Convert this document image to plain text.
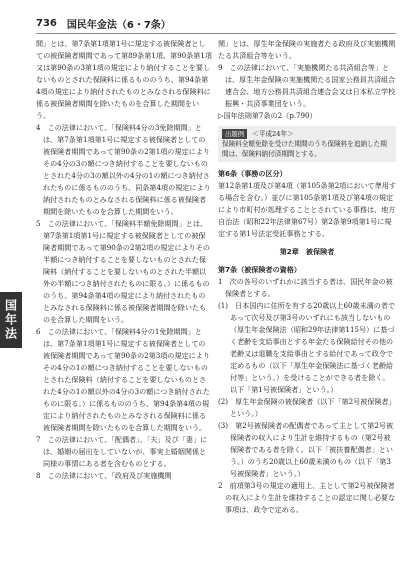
736 国民年金法（6・7条）
国年法

間」とは、第7条第1項第1号に規定する被保険者としての被保険者期間であって第89条第1項、第90条第1項又は第90条の3第1項の規定により納付することを要しないものとされた保険料に係るもののうち、第94条第4項の規定により納付されたものとみなされる保険料に係る被保険者期間を除いたものを合算した期間をいう。

4　この法律において、「保険料4分の3免除期間」とは、第7条第1項第1号に規定する被保険者としての被保険者期間であって第90条の2第1項の規定によりその4分の3の額につき納付することを要しないものとされた4分の3の額以外の4分の1の額につき納付されたものに係るもののうち、同条第4項の規定により納付されたものとみなされる保険料に係る被保険者期間を除いたものを合算した期間をいう。

5　この法律において、「保険料半額免除期間」とは、第7条第1項第1号に規定する被保険者としての被保険者期間であって第90条の2第2項の規定によりその半額につき納付することを要しないものとされた保険料（納付することを要しないものとされた半額以外の半額につき納付されたものに限る。）に係るもののうち、第94条第4項の規定により納付されたものとみなされる保険料に係る被保険者期間を除いたものを合算した期間をいう。

6　この法律において、「保険料4分の1免除期間」とは、第7条第1項第1号に規定する被保険者としての被保険者期間であって第90条の2第3項の規定によりその4分の1の額につき納付することを要しないものとされた保険料（納付することを要しないものとされた4分の1の額以外の4分の3の額につき納付されたものに限る。）に係るもののうち、第94条第4項の規定により納付されたものとみなされる保険料に係る被保険者期間を除いたものを合算した期間をいう。

7　この法律において、「配偶者」、「夫」及び「妻」には、婚姻の届出をしていないが、事実上婚姻関係と同様の事情にある者を含むものとする。

8　この法律において、「政府及び実施機関

関」とは、厚生年金保険の実施者たる政府及び実施機関たる共済組合等をいう。

9　この法律において、「実施機関たる共済組合等」とは、厚生年金保険の実施機関たる国家公務員共済組合連合会、地方公務員共済組合連合会又は日本私立学校振興・共済事業団をいう。

▷国年法則第7条の2（p.790）

出題例 ＜平成24年＞
保険料全額免除を受けた期間のうち保険料を追納した期間は、保険料納付済期間とする。

第6条（事務の区分）

第12条第1項及び第4項（第105条第2項において準用する場合を含む。）並びに第105条第1項及び第4項の規定により市町村が処理することとされている事務は、地方自治法（昭和22年法律第67号）第2条第9項第1号に規定する第1号法定受託事務とする。

第2章　被保険者

第7条（被保険者の資格）

1　次の各号のいずれかに該当する者は、国民年金の被保険者とする。

(1)　日本国内に住所を有する20歳以上60歳未満の者であって次号及び第3号のいずれにも該当しないもの（厚生年金保険法（昭和29年法律第115号）に基づく老齢を支給事由とする年金たる保険給付その他の老齢又は退職を支給事由とする給付であって政令で定めるもの（以下「厚生年金保険法に基づく老齢給付等」という。）を受けることができる者を除く。以下「第1号被保険者」という。）

(2)　厚生年金保険の被保険者（以下「第2号被保険者」という。）

(3)　第2号被保険者の配偶者であって主として第2号被保険者の収入により生計を維持するもの（第2号被保険者である者を除く。以下「被扶養配偶者」という。）のうち20歳以上60歳未満のもの（以下「第3号被保険者」という。）

2　前項第3号の規定の適用上、主として第2号被保険者の収入により生計を維持することの認定に関し必要な事項は、政令で定める。
